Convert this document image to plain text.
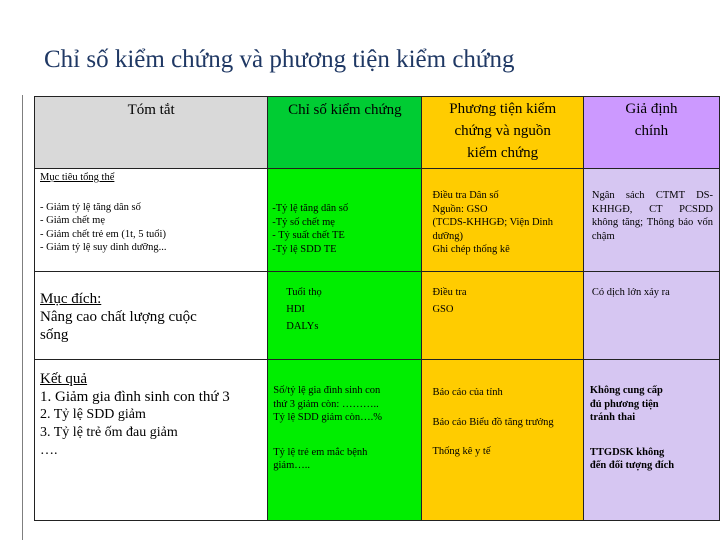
Chỉ số kiểm chứng và phương tiện kiểm chứng
Tóm tắt	Chỉ số kiểm chứng	Phương tiện kiểm
chứng và nguồn
kiểm chứng	Giả định
chính

Mục tiêu tổng thể
- Giảm tỷ lệ tăng dân số
- Giảm chết mẹ
- Giảm chết trẻ em (1t, 5 tuổi)
- Giảm tỷ lệ suy dinh dưỡng...	-Tỷ lệ tăng dân số
-Tỷ số chết mẹ
- Tỷ suất chết TE
-Tỷ lệ SDD TE	Điều tra Dân số
Nguồn: GSO
(TCDS-KHHGĐ; Viện Dinh
dưỡng)
Ghi chép thống kê	Ngân sách CTMT DS-KHHGĐ, CT PCSDD không tăng; Thông báo vốn chậm

Mục đích:
Nâng cao chất lượng cuộc
sống	Tuổi thọ
HDI
DALYs	Điều tra
GSO	Có dịch lớn xảy ra

Kết quả
1. Giảm gia đình sinh con thứ 3
2. Tỷ lệ SDD giảm
3. Tỷ lệ trẻ ốm đau giảm
….	Số/tỷ lệ gia đình sinh con
thứ 3 giảm còn: ………..
Tỷ lệ SDD giảm còn….%
Tỷ lệ trẻ em mắc bệnh
giảm…..	Báo cáo của tỉnh
Báo cáo Biểu đồ tăng trưởng
Thống kê y tế	Không cung cấp
đủ phương tiện
tránh thai
TTGDSK không
đến đối tượng đích
